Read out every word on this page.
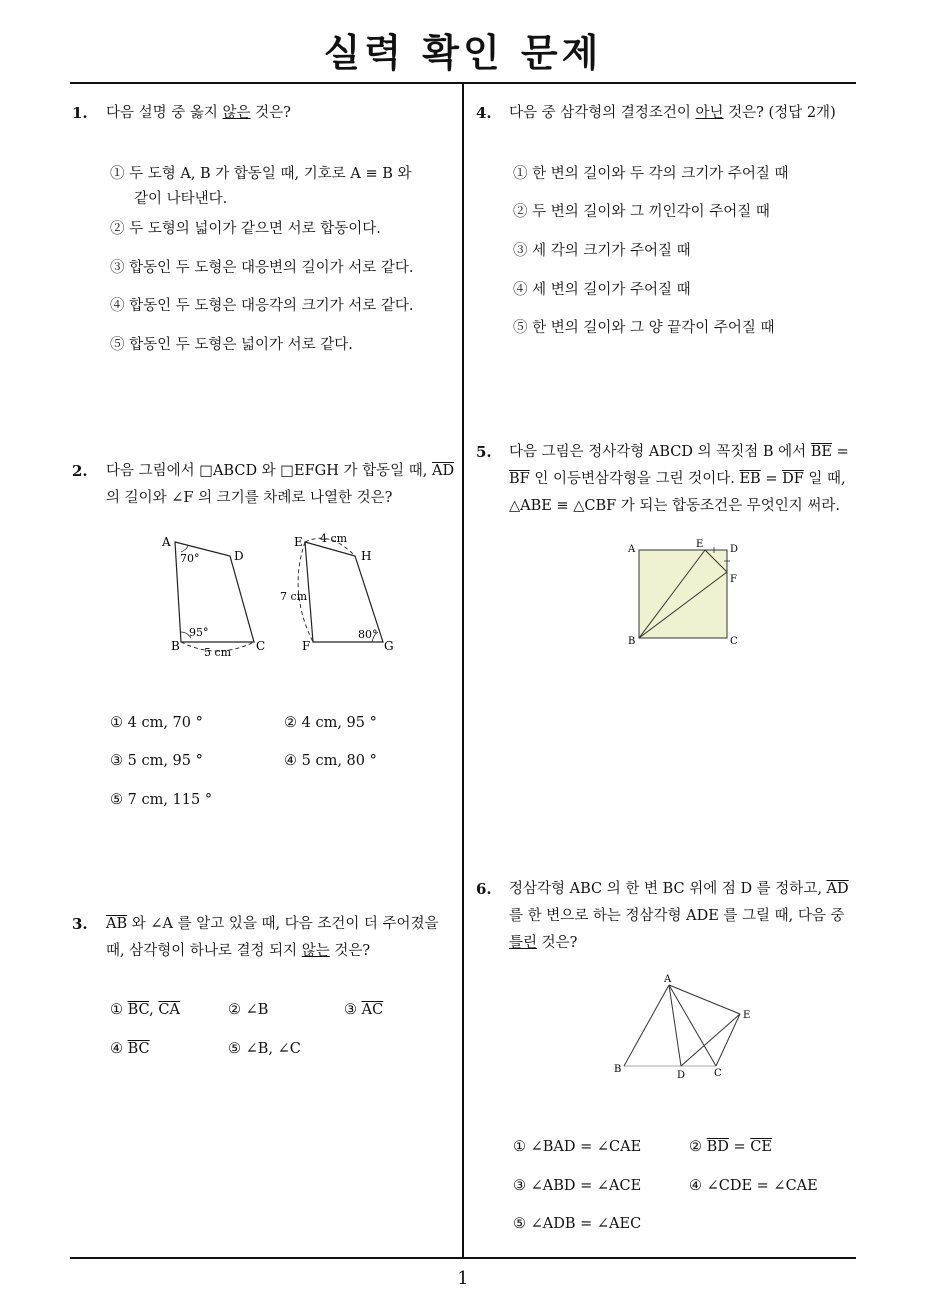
실력 확인 문제
1. 다음 설명 중 옳지 않은 것은?
① 두 도형 A, B 가 합동일 때, 기호로 A ≡ B 와
같이 나타낸다.
② 두 도형의 넓이가 같으면 서로 합동이다.
③ 합동인 두 도형은 대응변의 길이가 서로 같다.
④ 합동인 두 도형은 대응각의 크기가 서로 같다.
⑤ 합동인 두 도형은 넓이가 서로 같다.
2. 다음 그림에서 □ABCD 와 □EFGH 가 합동일 때, $\overline{AD}$
의 길이와 ∠F 의 크기를 차례로 나열한 것은?
A
D
B	C
70°
95°
5 cm
E
H
F	G
4 cm
7 cm
80°
① 4 cm, 70 °	② 4 cm, 95 °
③ 5 cm, 95 °	④ 5 cm, 80 °
⑤ 7 cm, 115 °
3. $\overline{AB}$ 와 ∠A 를 알고 있을 때, 다음 조건이 더 주어졌을
때, 삼각형이 하나로 결정 되지 않는 것은?
① $\overline{BC}$, $\overline{CA}$	② ∠B	③ $\overline{AC}$
④ $\overline{BC}$	⑤ ∠B, ∠C
4. 다음 중 삼각형의 결정조건이 아닌 것은? (정답 2개)
① 한 변의 길이와 두 각의 크기가 주어질 때
② 두 변의 길이와 그 끼인각이 주어질 때
③ 세 각의 크기가 주어질 때
④ 세 변의 길이가 주어질 때
⑤ 한 변의 길이와 그 양 끝각이 주어질 때
5. 다음 그림은 정사각형 ABCD 의 꼭짓점 B 에서 $\overline{BE}$ =
$\overline{BF}$ 인 이등변삼각형을 그린 것이다. $\overline{EB} = \overline{DF}$ 일 때,
△ABE ≡ △CBF 가 되는 합동조건은 무엇인지 써라.
A	E	D
F
B	C
6. 정삼각형 ABC 의 한 변 BC 위에 점 D 를 정하고, $\overline{AD}$
를 한 변으로 하는 정삼각형 ADE 를 그릴 때, 다음 중
틀린 것은?
A
E
B
D	C
① ∠BAD = ∠CAE	② $\overline{BD} = \overline{CE}$
③ ∠ABD = ∠ACE	④ ∠CDE = ∠CAE
⑤ ∠ADB = ∠AEC
1
